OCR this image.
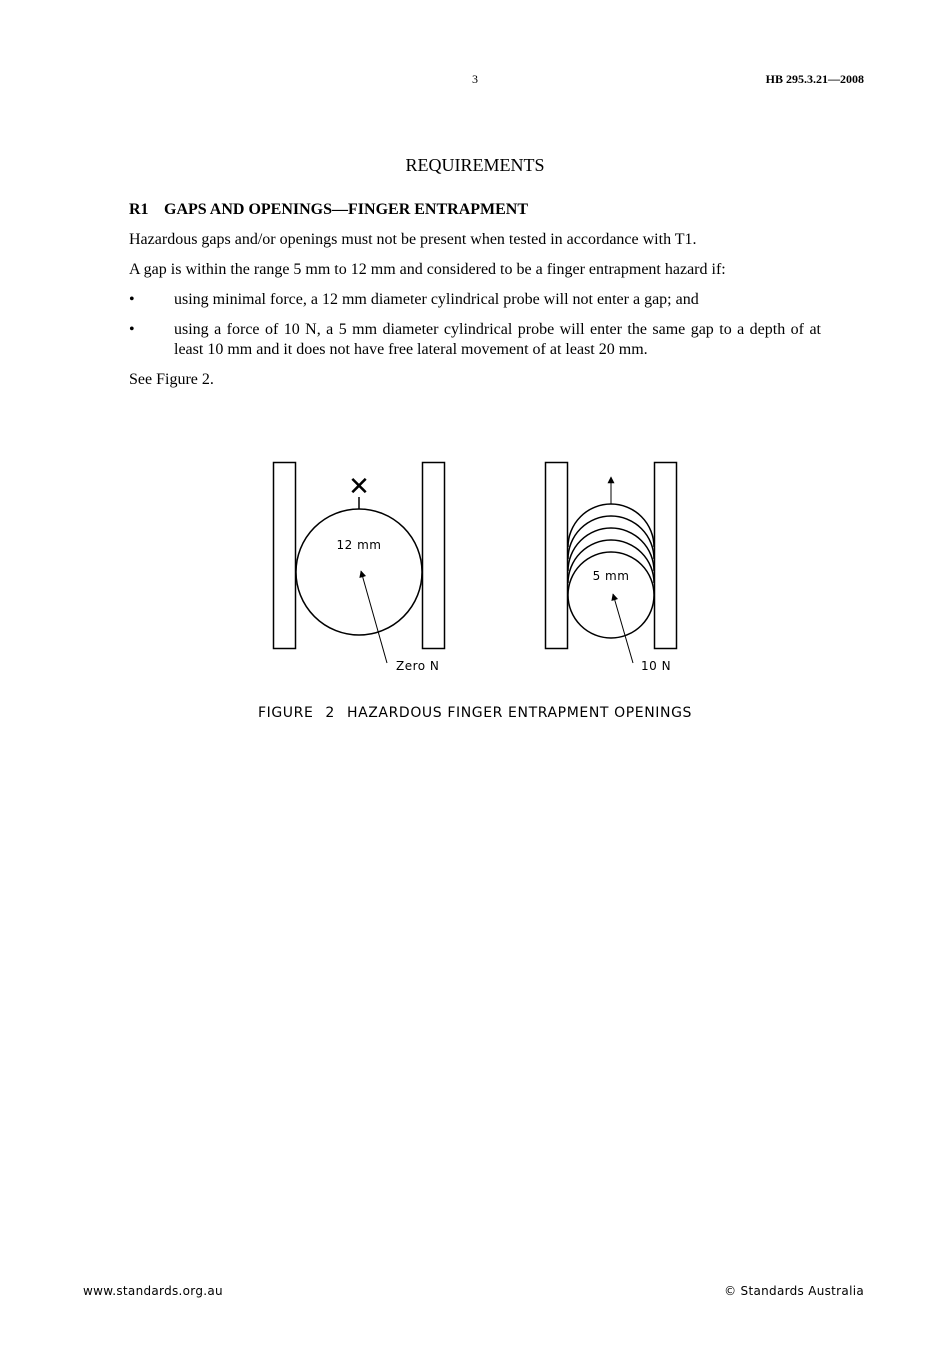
3	HB 295.3.21—2008
REQUIREMENTS
R1 GAPS AND OPENINGS—FINGER ENTRAPMENT

Hazardous gaps and/or openings must not be present when tested in accordance with T1.

A gap is within the range 5 mm to 12 mm and considered to be a finger entrapment hazard if:

•	using minimal force, a 12 mm diameter cylindrical probe will not enter a gap; and
•	using a force of 10 N, a 5 mm diameter cylindrical probe will enter the same gap to a depth of at least 10 mm and it does not have free lateral movement of at least 20 mm.

See Figure 2.

✕
12 mm
Zero N
5 mm
10 N
FIGURE 2 HAZARDOUS FINGER ENTRAPMENT OPENINGS
www.standards.org.au	© Standards Australia
